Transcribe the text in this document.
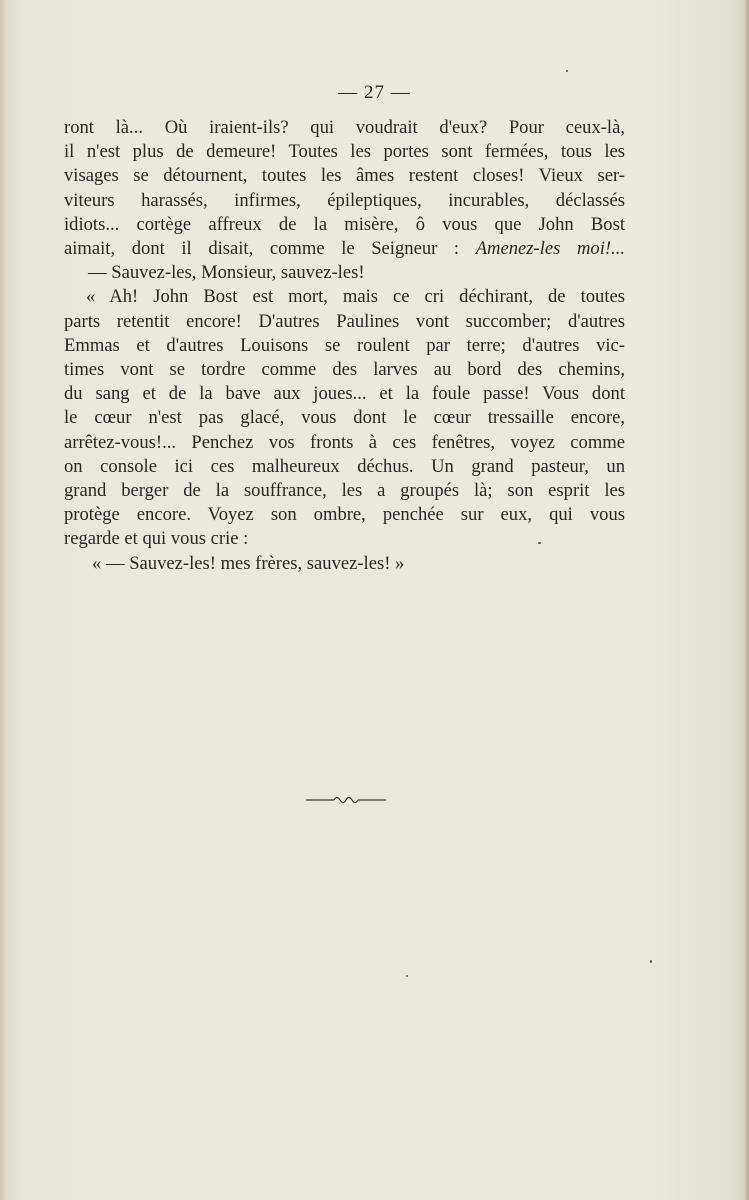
— 27 —
ront là... Où iraient-ils? qui voudrait d'eux? Pour ceux-là,
il n'est plus de demeure! Toutes les portes sont fermées, tous les
visages se détournent, toutes les âmes restent closes! Vieux ser-
viteurs harassés, infirmes, épileptiques, incurables, déclassés
idiots... cortège affreux de la misère, ô vous que John Bost
aimait, dont il disait, comme le Seigneur : Amenez-les moi!...
— Sauvez-les, Monsieur, sauvez-les!
« Ah! John Bost est mort, mais ce cri déchirant, de toutes
parts retentit encore! D'autres Paulines vont succomber; d'autres
Emmas et d'autres Louisons se roulent par terre; d'autres vic-
times vont se tordre comme des larves au bord des chemins,
du sang et de la bave aux joues... et la foule passe! Vous dont
le cœur n'est pas glacé, vous dont le cœur tressaille encore,
arrêtez-vous!... Penchez vos fronts à ces fenêtres, voyez comme
on console ici ces malheureux déchus. Un grand pasteur, un
grand berger de la souffrance, les a groupés là; son esprit les
protège encore. Voyez son ombre, penchée sur eux, qui vous
regarde et qui vous crie :
« — Sauvez-les! mes frères, sauvez-les! »
